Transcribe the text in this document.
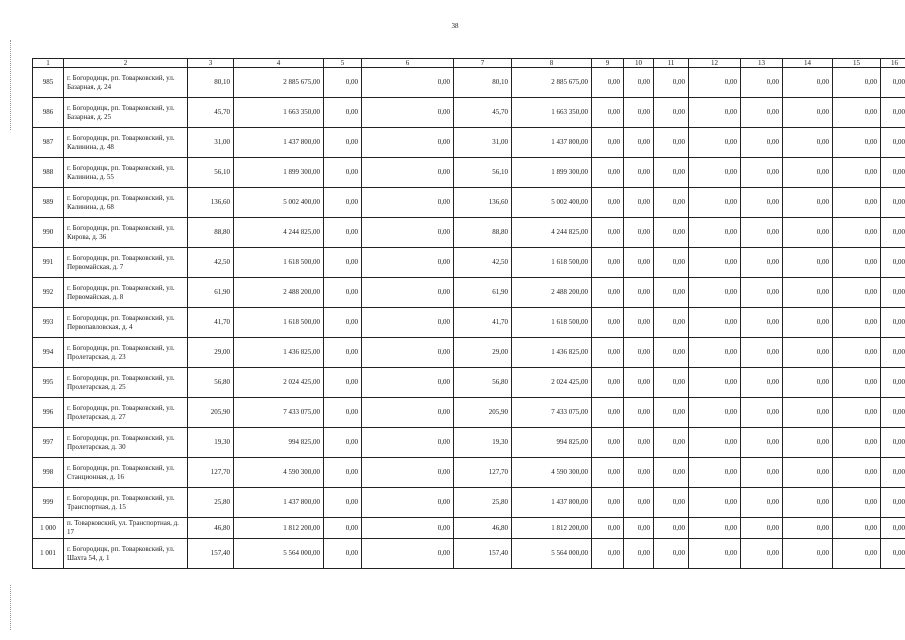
38
1	2	3	4	5	6	7	8	9	10	11	12	13	14	15	16
985	г. Богородицк, рп. Товарковский, ул. Базарная, д. 24	80,10	2 885 675,00	0,00	0,00	80,10	2 885 675,00	0,00	0,00	0,00	0,00	0,00	0,00	0,00	0,00
986	г. Богородицк, рп. Товарковский, ул. Базарная, д. 25	45,70	1 663 350,00	0,00	0,00	45,70	1 663 350,00	0,00	0,00	0,00	0,00	0,00	0,00	0,00	0,00
987	г. Богородицк, рп. Товарковский, ул. Калинина, д. 48	31,00	1 437 800,00	0,00	0,00	31,00	1 437 800,00	0,00	0,00	0,00	0,00	0,00	0,00	0,00	0,00
988	г. Богородицк, рп. Товарковский, ул. Калинина, д. 55	56,10	1 899 300,00	0,00	0,00	56,10	1 899 300,00	0,00	0,00	0,00	0,00	0,00	0,00	0,00	0,00
989	г. Богородицк, рп. Товарковский, ул. Калинина, д. 68	136,60	5 002 400,00	0,00	0,00	136,60	5 002 400,00	0,00	0,00	0,00	0,00	0,00	0,00	0,00	0,00
990	г. Богородицк, рп. Товарковский, ул. Кирова, д. 36	88,80	4 244 825,00	0,00	0,00	88,80	4 244 825,00	0,00	0,00	0,00	0,00	0,00	0,00	0,00	0,00
991	г. Богородицк, рп. Товарковский, ул. Первомайская, д. 7	42,50	1 618 500,00	0,00	0,00	42,50	1 618 500,00	0,00	0,00	0,00	0,00	0,00	0,00	0,00	0,00
992	г. Богородицк, рп. Товарковский, ул. Первомайская, д. 8	61,90	2 488 200,00	0,00	0,00	61,90	2 488 200,00	0,00	0,00	0,00	0,00	0,00	0,00	0,00	0,00
993	г. Богородицк, рп. Товарковский, ул. Первопавловская, д. 4	41,70	1 618 500,00	0,00	0,00	41,70	1 618 500,00	0,00	0,00	0,00	0,00	0,00	0,00	0,00	0,00
994	г. Богородицк, рп. Товарковский, ул. Пролетарская, д. 23	29,00	1 436 825,00	0,00	0,00	29,00	1 436 825,00	0,00	0,00	0,00	0,00	0,00	0,00	0,00	0,00
995	г. Богородицк, рп. Товарковский, ул. Пролетарская, д. 25	56,80	2 024 425,00	0,00	0,00	56,80	2 024 425,00	0,00	0,00	0,00	0,00	0,00	0,00	0,00	0,00
996	г. Богородицк, рп. Товарковский, ул. Пролетарская, д. 27	205,90	7 433 075,00	0,00	0,00	205,90	7 433 075,00	0,00	0,00	0,00	0,00	0,00	0,00	0,00	0,00
997	г. Богородицк, рп. Товарковский, ул. Пролетарская, д. 30	19,30	994 825,00	0,00	0,00	19,30	994 825,00	0,00	0,00	0,00	0,00	0,00	0,00	0,00	0,00
998	г. Богородицк, рп. Товарковский, ул. Станционная, д. 16	127,70	4 590 300,00	0,00	0,00	127,70	4 590 300,00	0,00	0,00	0,00	0,00	0,00	0,00	0,00	0,00
999	г. Богородицк, рп. Товарковский, ул. Транспортная, д. 15	25,80	1 437 800,00	0,00	0,00	25,80	1 437 800,00	0,00	0,00	0,00	0,00	0,00	0,00	0,00	0,00
1 000	п. Товарковский, ул. Транспортная, д. 17	46,80	1 812 200,00	0,00	0,00	46,80	1 812 200,00	0,00	0,00	0,00	0,00	0,00	0,00	0,00	0,00
1 001	г. Богородицк, рп. Товарковский, ул. Шахта 54, д. 1	157,40	5 564 000,00	0,00	0,00	157,40	5 564 000,00	0,00	0,00	0,00	0,00	0,00	0,00	0,00	0,00
